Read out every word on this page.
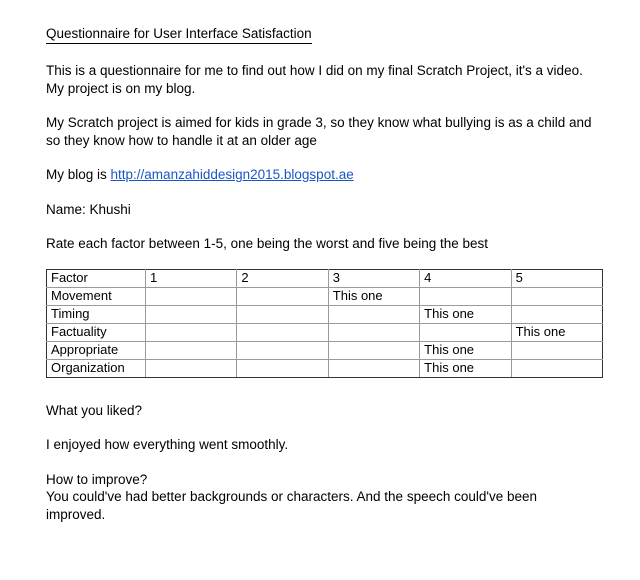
Questionnaire for User Interface Satisfaction

This is a questionnaire for me to find out how I did on my final Scratch Project, it's a video. My project is on my blog.

My Scratch project is aimed for kids in grade 3, so they know what bullying is as a child and so they know how to handle it at an older age

My blog is http://amanzahiddesign2015.blogspot.ae

Name: Khushi

Rate each factor between 1-5, one being the worst and five being the best

Factor	1	2	3	4	5
Movement			This one		
Timing				This one	
Factuality					This one
Appropriate				This one	
Organization				This one	

What you liked?

I enjoyed how everything went smoothly.

How to improve?

You could've had better backgrounds or characters. And the speech could've been improved.
